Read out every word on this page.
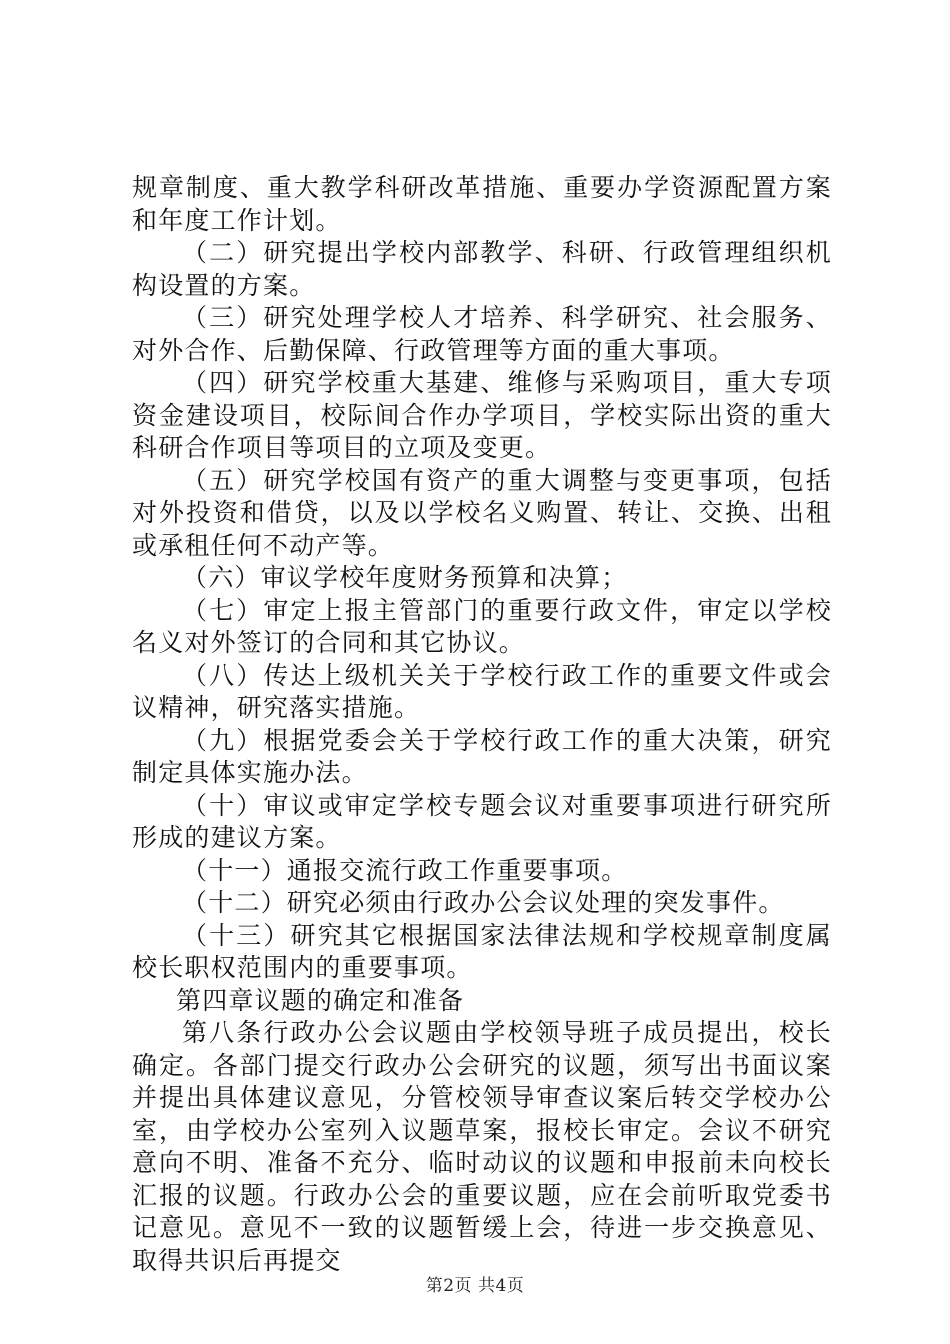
规章制度、重大教学科研改革措施、重要办学资源配置方案和年度工作计划。

（二）研究提出学校内部教学、科研、行政管理组织机构设置的方案。

（三）研究处理学校人才培养、科学研究、社会服务、对外合作、后勤保障、行政管理等方面的重大事项。

（四）研究学校重大基建、维修与采购项目，重大专项资金建设项目，校际间合作办学项目，学校实际出资的重大科研合作项目等项目的立项及变更。

（五）研究学校国有资产的重大调整与变更事项，包括对外投资和借贷，以及以学校名义购置、转让、交换、出租或承租任何不动产等。

（六）审议学校年度财务预算和决算；

（七）审定上报主管部门的重要行政文件，审定以学校名义对外签订的合同和其它协议。

（八）传达上级机关关于学校行政工作的重要文件或会议精神，研究落实措施。

（九）根据党委会关于学校行政工作的重大决策，研究制定具体实施办法。

（十）审议或审定学校专题会议对重要事项进行研究所形成的建议方案。

（十一）通报交流行政工作重要事项。

（十二）研究必须由行政办公会议处理的突发事件。

（十三）研究其它根据国家法律法规和学校规章制度属校长职权范围内的重要事项。

第四章议题的确定和准备

第八条行政办公会议题由学校领导班子成员提出，校长确定。各部门提交行政办公会研究的议题，须写出书面议案并提出具体建议意见，分管校领导审查议案后转交学校办公室，由学校办公室列入议题草案，报校长审定。会议不研究意向不明、准备不充分、临时动议的议题和申报前未向校长汇报的议题。行政办公会的重要议题，应在会前听取党委书记意见。意见不一致的议题暂缓上会，待进一步交换意见、取得共识后再提交

第2页 共4页
